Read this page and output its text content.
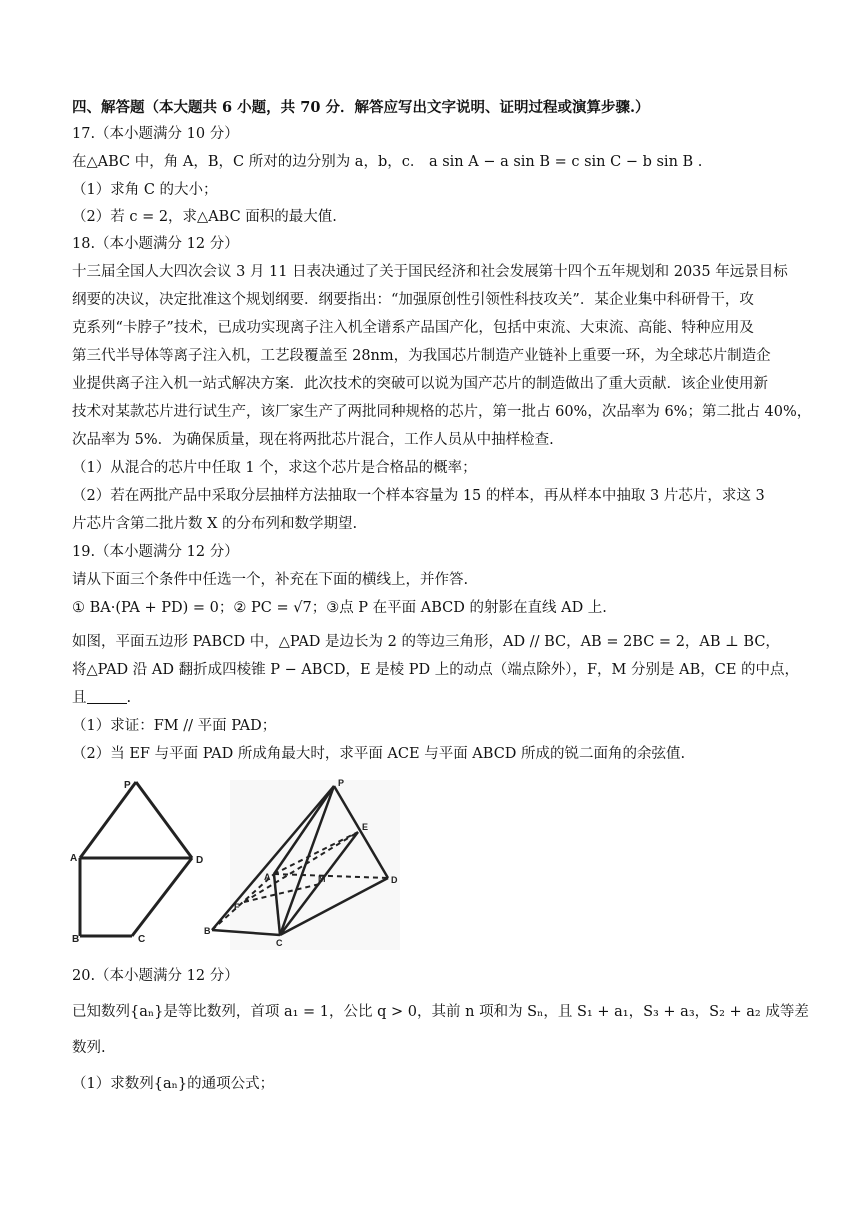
四、解答题（本大题共 6 小题，共 70 分．解答应写出文字说明、证明过程或演算步骤.）
17.（本小题满分 10 分）
在△ABC 中，角 A，B，C 所对的边分别为 a，b，c． a sin A − a sin B = c sin C − b sin B .
（1）求角 C 的大小；
（2）若 c = 2，求△ABC 面积的最大值.
18.（本小题满分 12 分）
十三届全国人大四次会议 3 月 11 日表决通过了关于国民经济和社会发展第十四个五年规划和 2035 年远景目标
纲要的决议，决定批准这个规划纲要．纲要指出：“加强原创性引领性科技攻关”．某企业集中科研骨干，攻
克系列“卡脖子”技术，已成功实现离子注入机全谱系产品国产化，包括中束流、大束流、高能、特种应用及
第三代半导体等离子注入机，工艺段覆盖至 28nm，为我国芯片制造产业链补上重要一环，为全球芯片制造企
业提供离子注入机一站式解决方案．此次技术的突破可以说为国产芯片的制造做出了重大贡献．该企业使用新
技术对某款芯片进行试生产，该厂家生产了两批同种规格的芯片，第一批占 60%，次品率为 6%；第二批占 40%，
次品率为 5%．为确保质量，现在将两批芯片混合，工作人员从中抽样检查.
（1）从混合的芯片中任取 1 个，求这个芯片是合格品的概率；
（2）若在两批产品中采取分层抽样方法抽取一个样本容量为 15 的样本，再从样本中抽取 3 片芯片，求这 3
片芯片含第二批片数 X 的分布列和数学期望.
19.（本小题满分 12 分）
请从下面三个条件中任选一个，补充在下面的横线上，并作答.
① BA·(PA + PD) = 0；② PC = √7；③点 P 在平面 ABCD 的射影在直线 AD 上.
如图，平面五边形 PABCD 中，△PAD 是边长为 2 的等边三角形，AD // BC，AB = 2BC = 2，AB ⊥ BC，
将△PAD 沿 AD 翻折成四棱锥 P − ABCD，E 是棱 PD 上的动点（端点除外），F，M 分别是 AB，CE 的中点，
且	.
（1）求证：FM // 平面 PAD；
（2）当 EF 与平面 PAD 所成角最大时，求平面 ACE 与平面 ABCD 所成的锐二面角的余弦值.
P
A	D
B	C
P
E
A	M	D
F
B
C
20.（本小题满分 12 分）
已知数列{aₙ}是等比数列，首项 a₁ = 1，公比 q > 0，其前 n 项和为 Sₙ，且 S₁ + a₁，S₃ + a₃，S₂ + a₂ 成等差
数列.
（1）求数列{aₙ}的通项公式；
